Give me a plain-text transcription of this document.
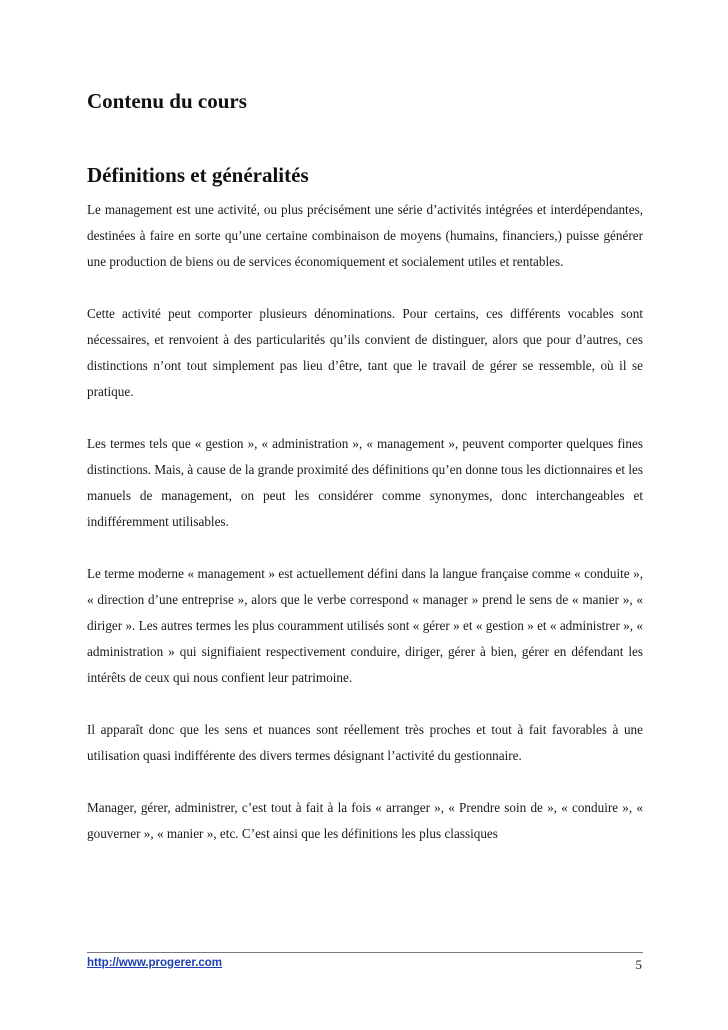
Contenu du cours
Définitions et généralités

Le management est une activité, ou plus précisément une série d’activités intégrées et interdépendantes, destinées à faire en sorte qu’une certaine combinaison de moyens (humains, financiers,) puisse générer une production de biens ou de services économiquement et socialement utiles et rentables.

Cette activité peut comporter plusieurs dénominations. Pour certains, ces différents vocables sont nécessaires, et renvoient à des particularités qu’ils convient de distinguer, alors que pour d’autres, ces distinctions n’ont tout simplement pas lieu d’être, tant que le travail de gérer se ressemble, où il se pratique.

Les termes tels que « gestion », « administration », « management », peuvent comporter quelques fines distinctions. Mais, à cause de la grande proximité des définitions qu’en donne tous les dictionnaires et les manuels de management, on peut les considérer comme synonymes, donc interchangeables et indifféremment utilisables.

Le terme moderne « management » est actuellement défini dans la langue française comme « conduite », « direction d’une entreprise », alors que le verbe correspond « manager » prend le sens de « manier », « diriger ». Les autres termes les plus couramment utilisés sont « gérer » et « gestion » et « administrer », « administration » qui signifiaient respectivement conduire, diriger, gérer à bien, gérer en défendant les intérêts de ceux qui nous confient leur patrimoine.

Il apparaît donc que les sens et nuances sont réellement très proches et tout à fait favorables à une utilisation quasi indifférente des divers termes désignant l’activité du gestionnaire.

Manager, gérer, administrer, c’est tout à fait à la fois « arranger », « Prendre soin de », « conduire », « gouverner », « manier », etc. C’est ainsi que les définitions les plus classiques

http://www.progerer.com	5
